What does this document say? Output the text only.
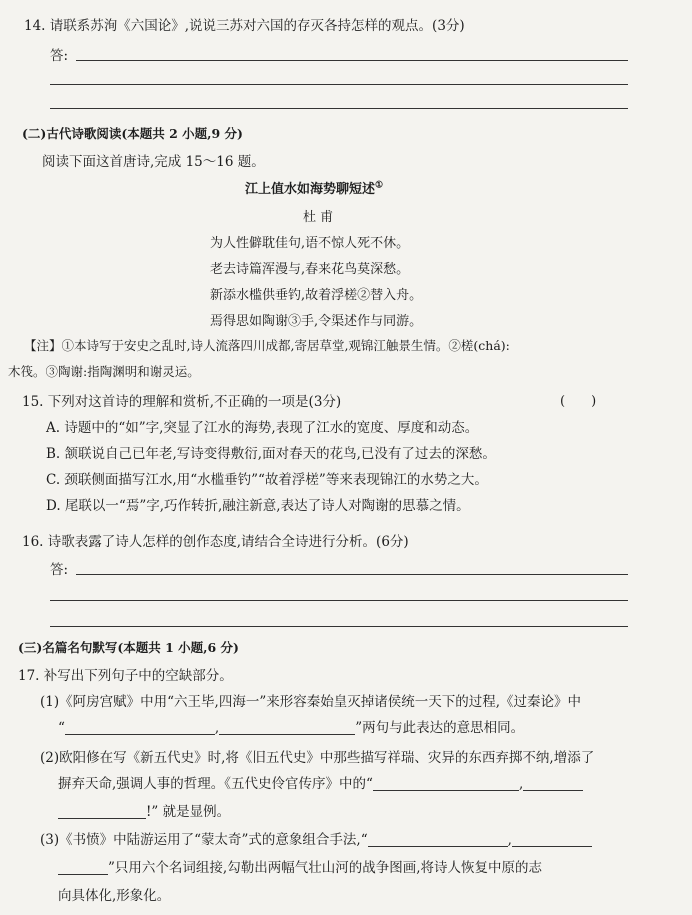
14. 请联系苏洵《六国论》,说说三苏对六国的存灭各持怎样的观点。(3分)
答:
(二)古代诗歌阅读(本题共 2 小题,9 分)
阅读下面这首唐诗,完成 15～16 题。
江上值水如海势聊短述①
杜 甫
为人性僻耽佳句,语不惊人死不休。
老去诗篇浑漫与,春来花鸟莫深愁。
新添水槛供垂钓,故着浮槎②替入舟。
焉得思如陶谢③手,令渠述作与同游。
【注】①本诗写于安史之乱时,诗人流落四川成都,寄居草堂,观锦江触景生情。②槎(chá):
木筏。③陶谢:指陶渊明和谢灵运。
15. 下列对这首诗的理解和赏析,不正确的一项是(3分)	(　　)
A. 诗题中的“如”字,突显了江水的海势,表现了江水的宽度、厚度和动态。
B. 颔联说自己已年老,写诗变得敷衍,面对春天的花鸟,已没有了过去的深愁。
C. 颈联侧面描写江水,用“水槛垂钓”“故着浮槎”等来表现锦江的水势之大。
D. 尾联以一“焉”字,巧作转折,融注新意,表达了诗人对陶谢的思慕之情。
16. 诗歌表露了诗人怎样的创作态度,请结合全诗进行分析。(6分)
答:
(三)名篇名句默写(本题共 1 小题,6 分)
17. 补写出下列句子中的空缺部分。
(1)《阿房宫赋》中用“六王毕,四海一”来形容秦始皇灭掉诸侯统一天下的过程,《过秦论》中
“	,	”两句与此表达的意思相同。
(2)欧阳修在写《新五代史》时,将《旧五代史》中那些描写祥瑞、灾异的东西弃掷不纳,增添了
摒弃天命,强调人事的哲理。《五代史伶官传序》中的“	,
!” 就是显例。
(3)《书愤》中陆游运用了“蒙太奇”式的意象组合手法,“	,
”只用六个名词组接,勾勒出两幅气壮山河的战争图画,将诗人恢复中原的志
向具体化,形象化。
